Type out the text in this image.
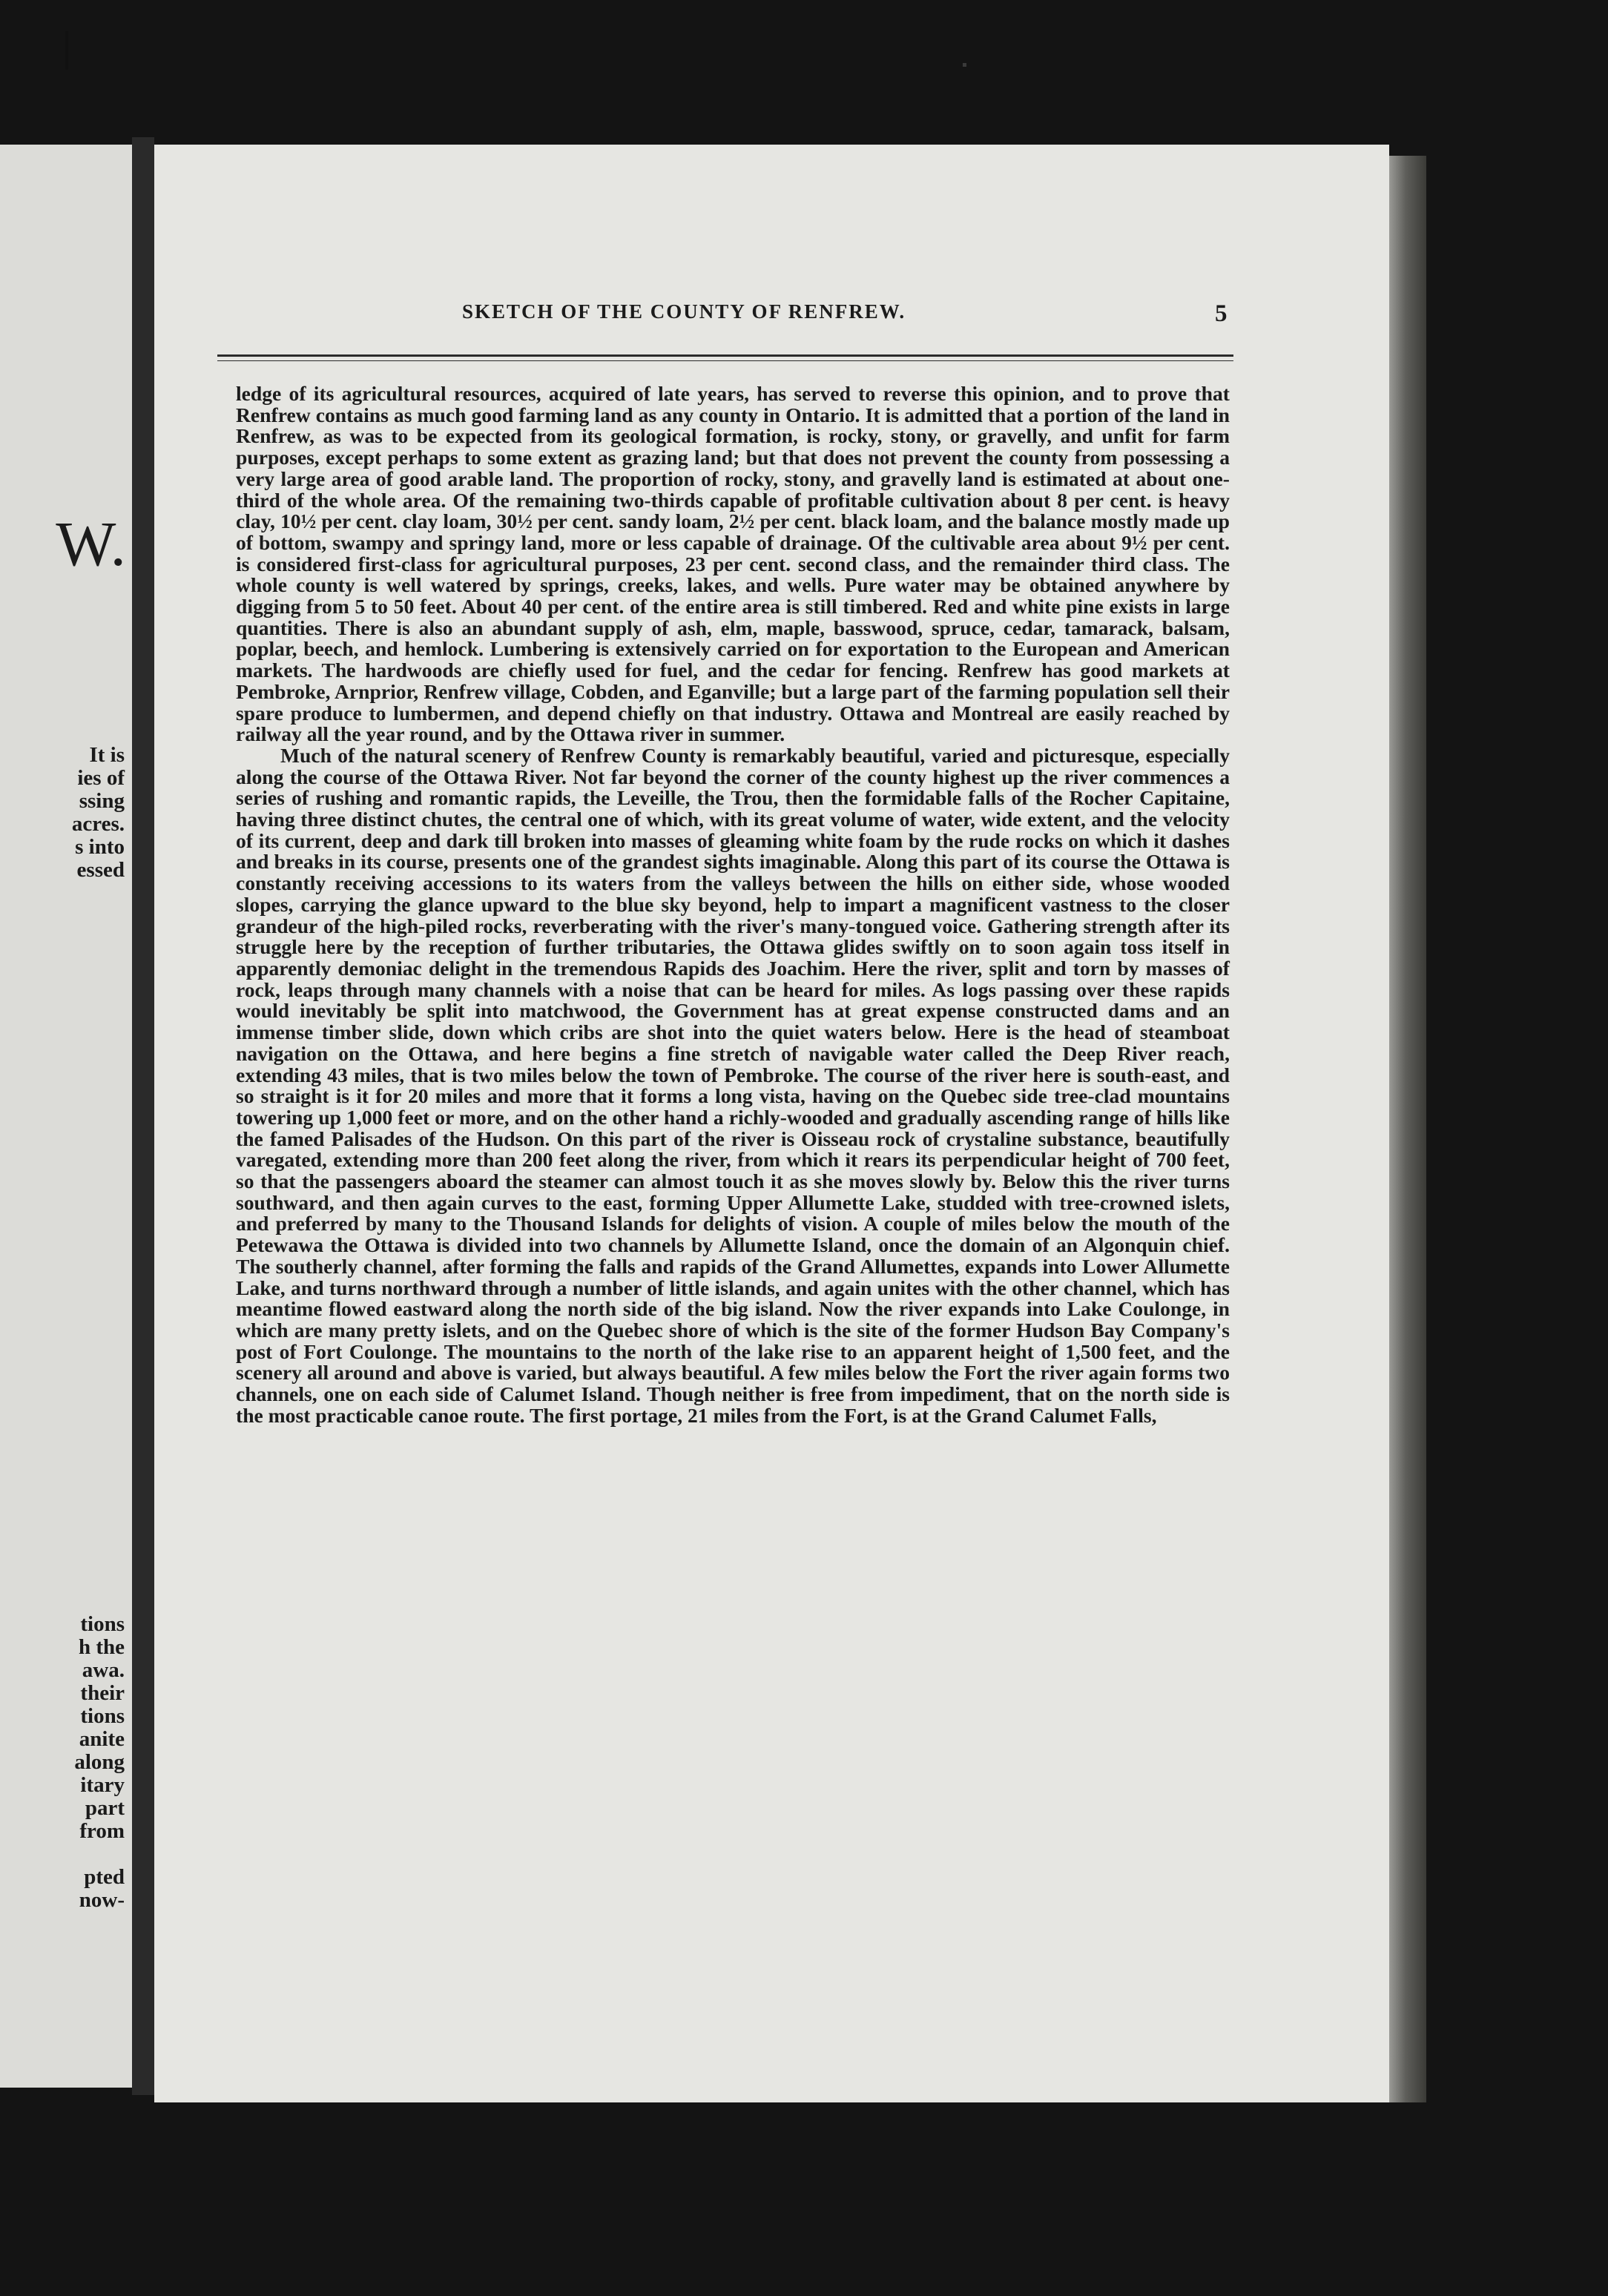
W.
It is
ies of
ssing
acres.
s into
essed
tions
h the
awa.
their
tions
anite
along
itary
part
from
pted
now-
SKETCH OF THE COUNTY OF RENFREW.	5

ledge of its agricultural resources, acquired of late years, has served to reverse this opinion, and to prove that Renfrew contains as much good farming land as any county in Ontario. It is admitted that a portion of the land in Renfrew, as was to be expected from its geological formation, is rocky, stony, or gravelly, and unfit for farm purposes, except perhaps to some extent as grazing land; but that does not prevent the county from possessing a very large area of good arable land. The proportion of rocky, stony, and gravelly land is estimated at about one-third of the whole area. Of the remaining two-thirds capable of profitable cultivation about 8 per cent. is heavy clay, 10½ per cent. clay loam, 30½ per cent. sandy loam, 2½ per cent. black loam, and the balance mostly made up of bottom, swampy and springy land, more or less capable of drainage. Of the cultivable area about 9½ per cent. is considered first-class for agricultural purposes, 23 per cent. second class, and the remainder third class. The whole county is well watered by springs, creeks, lakes, and wells. Pure water may be obtained anywhere by digging from 5 to 50 feet. About 40 per cent. of the entire area is still timbered. Red and white pine exists in large quantities. There is also an abundant supply of ash, elm, maple, basswood, spruce, cedar, tamarack, balsam, poplar, beech, and hemlock. Lumbering is extensively carried on for exportation to the European and American markets. The hardwoods are chiefly used for fuel, and the cedar for fencing. Renfrew has good markets at Pembroke, Arnprior, Renfrew village, Cobden, and Eganville; but a large part of the farming population sell their spare produce to lumbermen, and depend chiefly on that industry. Ottawa and Montreal are easily reached by railway all the year round, and by the Ottawa river in summer.

Much of the natural scenery of Renfrew County is remarkably beautiful, varied and picturesque, especially along the course of the Ottawa River. Not far beyond the corner of the county highest up the river commences a series of rushing and romantic rapids, the Leveille, the Trou, then the formidable falls of the Rocher Capitaine, having three distinct chutes, the central one of which, with its great volume of water, wide extent, and the velocity of its current, deep and dark till broken into masses of gleaming white foam by the rude rocks on which it dashes and breaks in its course, presents one of the grandest sights imaginable. Along this part of its course the Ottawa is constantly receiving accessions to its waters from the valleys between the hills on either side, whose wooded slopes, carrying the glance upward to the blue sky beyond, help to impart a magnificent vastness to the closer grandeur of the high-piled rocks, reverberating with the river's many-tongued voice. Gathering strength after its struggle here by the reception of further tributaries, the Ottawa glides swiftly on to soon again toss itself in apparently demoniac delight in the tremendous Rapids des Joachim. Here the river, split and torn by masses of rock, leaps through many channels with a noise that can be heard for miles. As logs passing over these rapids would inevitably be split into matchwood, the Government has at great expense constructed dams and an immense timber slide, down which cribs are shot into the quiet waters below. Here is the head of steamboat navigation on the Ottawa, and here begins a fine stretch of navigable water called the Deep River reach, extending 43 miles, that is two miles below the town of Pembroke. The course of the river here is south-east, and so straight is it for 20 miles and more that it forms a long vista, having on the Quebec side tree-clad mountains towering up 1,000 feet or more, and on the other hand a richly-wooded and gradually ascending range of hills like the famed Palisades of the Hudson. On this part of the river is Oisseau rock of crystaline substance, beautifully varegated, extending more than 200 feet along the river, from which it rears its perpendicular height of 700 feet, so that the passengers aboard the steamer can almost touch it as she moves slowly by. Below this the river turns southward, and then again curves to the east, forming Upper Allumette Lake, studded with tree-crowned islets, and preferred by many to the Thousand Islands for delights of vision. A couple of miles below the mouth of the Petewawa the Ottawa is divided into two channels by Allumette Island, once the domain of an Algonquin chief. The southerly channel, after forming the falls and rapids of the Grand Allumettes, expands into Lower Allumette Lake, and turns northward through a number of little islands, and again unites with the other channel, which has meantime flowed eastward along the north side of the big island. Now the river expands into Lake Coulonge, in which are many pretty islets, and on the Quebec shore of which is the site of the former Hudson Bay Company's post of Fort Coulonge. The mountains to the north of the lake rise to an apparent height of 1,500 feet, and the scenery all around and above is varied, but always beautiful. A few miles below the Fort the river again forms two channels, one on each side of Calumet Island. Though neither is free from impediment, that on the north side is the most practicable canoe route. The first portage, 21 miles from the Fort, is at the Grand Calumet Falls,
